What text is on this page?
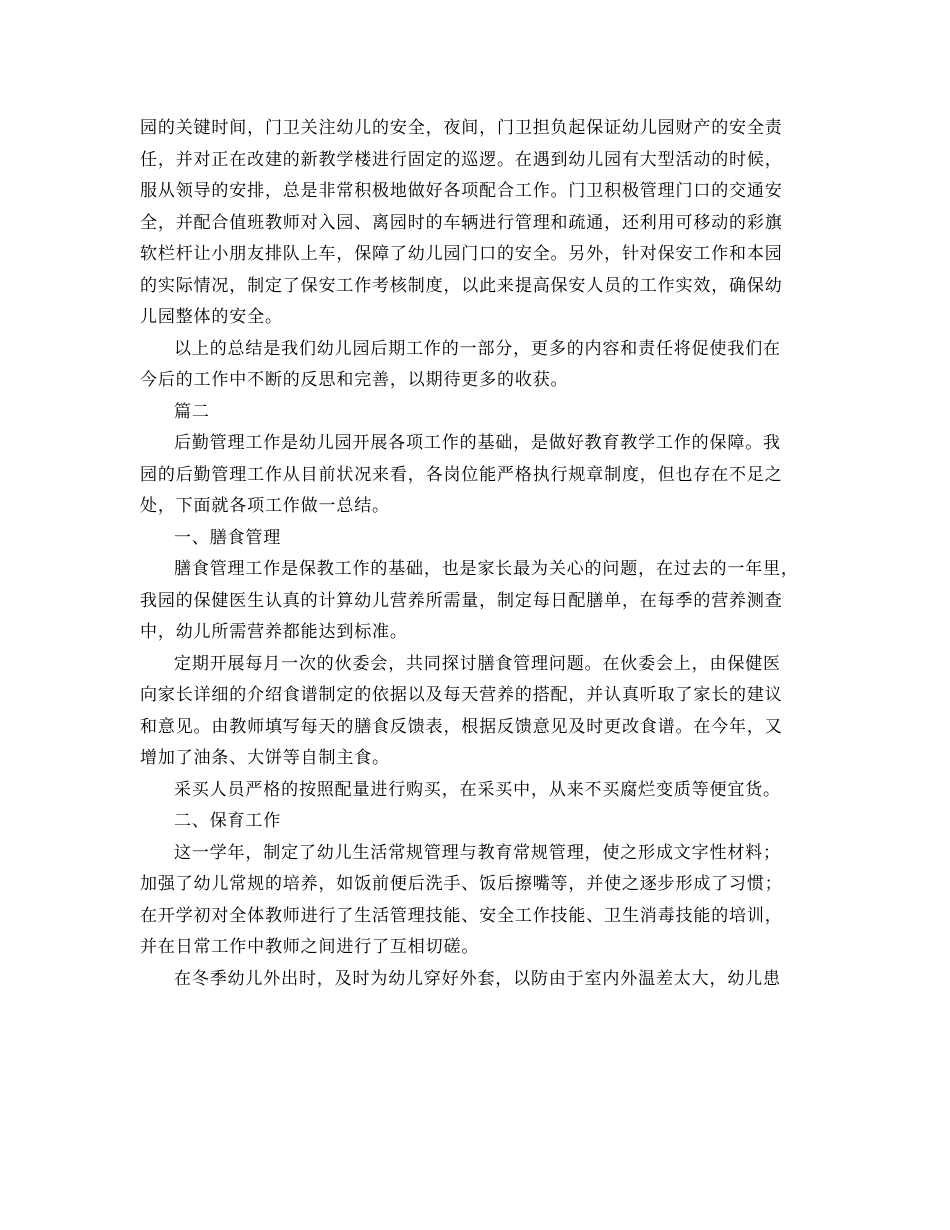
园的关键时间，门卫关注幼儿的安全，夜间，门卫担负起保证幼儿园财产的安全责
任，并对正在改建的新教学楼进行固定的巡逻。在遇到幼儿园有大型活动的时候，
服从领导的安排，总是非常积极地做好各项配合工作。门卫积极管理门口的交通安
全，并配合值班教师对入园、离园时的车辆进行管理和疏通，还利用可移动的彩旗
软栏杆让小朋友排队上车，保障了幼儿园门口的安全。另外，针对保安工作和本园
的实际情况，制定了保安工作考核制度，以此来提高保安人员的工作实效，确保幼
儿园整体的安全。
以上的总结是我们幼儿园后期工作的一部分，更多的内容和责任将促使我们在
今后的工作中不断的反思和完善，以期待更多的收获。
篇二
后勤管理工作是幼儿园开展各项工作的基础，是做好教育教学工作的保障。我
园的后勤管理工作从目前状况来看，各岗位能严格执行规章制度，但也存在不足之
处，下面就各项工作做一总结。
一、膳食管理
膳食管理工作是保教工作的基础，也是家长最为关心的问题，在过去的一年里，
我园的保健医生认真的计算幼儿营养所需量，制定每日配膳单，在每季的营养测查
中，幼儿所需营养都能达到标准。
定期开展每月一次的伙委会，共同探讨膳食管理问题。在伙委会上，由保健医
向家长详细的介绍食谱制定的依据以及每天营养的搭配，并认真听取了家长的建议
和意见。由教师填写每天的膳食反馈表，根据反馈意见及时更改食谱。在今年，又
增加了油条、大饼等自制主食。
采买人员严格的按照配量进行购买，在采买中，从来不买腐烂变质等便宜货。
二、保育工作
这一学年，制定了幼儿生活常规管理与教育常规管理，使之形成文字性材料；
加强了幼儿常规的培养，如饭前便后洗手、饭后擦嘴等，并使之逐步形成了习惯；
在开学初对全体教师进行了生活管理技能、安全工作技能、卫生消毒技能的培训，
并在日常工作中教师之间进行了互相切磋。
在冬季幼儿外出时，及时为幼儿穿好外套，以防由于室内外温差太大，幼儿患
